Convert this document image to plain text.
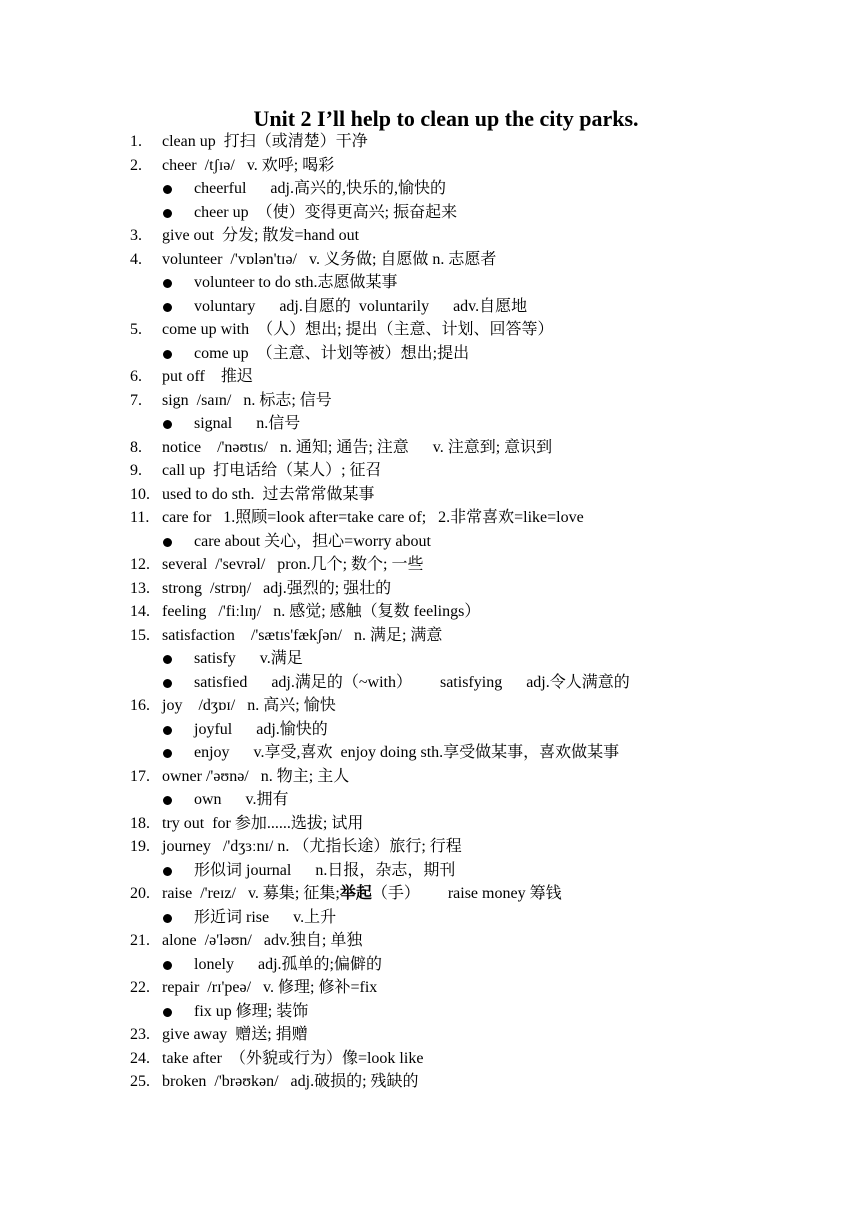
Unit 2 I’ll help to clean up the city parks.
1. clean up  打扫（或清楚）干净
2. cheer  /tʃɪə/   v. 欢呼; 喝彩
cheerful      adj.高兴的,快乐的,愉快的
cheer up  （使）变得更高兴; 振奋起来
3. give out  分发; 散发=hand out
4. volunteer  /'vɒlən'tɪə/   v. 义务做; 自愿做 n. 志愿者
volunteer to do sth.志愿做某事
voluntary      adj.自愿的  voluntarily      adv.自愿地
5. come up with  （人）想出; 提出（主意、计划、回答等）
come up  （主意、计划等被）想出;提出
6. put off    推迟
7. sign  /saɪn/   n. 标志; 信号
signal      n.信号
8. notice    /'nəʊtɪs/   n. 通知; 通告; 注意      v. 注意到; 意识到
9. call up  打电话给（某人）; 征召
10. used to do sth.  过去常常做某事
11. care for   1.照顾=look after=take care of;   2.非常喜欢=like=love
care about 关心，担心=worry about
12. several  /'sevrəl/   pron.几个; 数个; 一些
13. strong  /strɒŋ/   adj.强烈的; 强壮的
14. feeling   /'fiːlɪŋ/   n. 感觉; 感触（复数 feelings）
15. satisfaction    /'sætɪs'fækʃən/   n. 满足; 满意
satisfy      v.满足
satisfied      adj.满足的（~with）       satisfying      adj.令人满意的
16. joy    /dʒɒɪ/   n. 高兴; 愉快
joyful      adj.愉快的
enjoy      v.享受,喜欢  enjoy doing sth.享受做某事，喜欢做某事
17. owner /'əʊnə/   n. 物主; 主人
own      v.拥有
18. try out  for 参加......选拔; 试用
19. journey   /'dʒɜːnɪ/ n. （尤指长途）旅行; 行程
形似词 journal      n.日报，杂志，期刊
20. raise  /'reɪz/   v. 募集; 征集;举起（手）       raise money 筹钱
形近词 rise      v.上升
21. alone  /ə'ləʊn/   adv.独自; 单独
lonely      adj.孤单的;偏僻的
22. repair  /rɪ'peə/   v. 修理; 修补=fix
fix up 修理; 装饰
23. give away  赠送; 捐赠
24. take after  （外貌或行为）像=look like
25. broken  /'brəʊkən/   adj.破损的; 残缺的
